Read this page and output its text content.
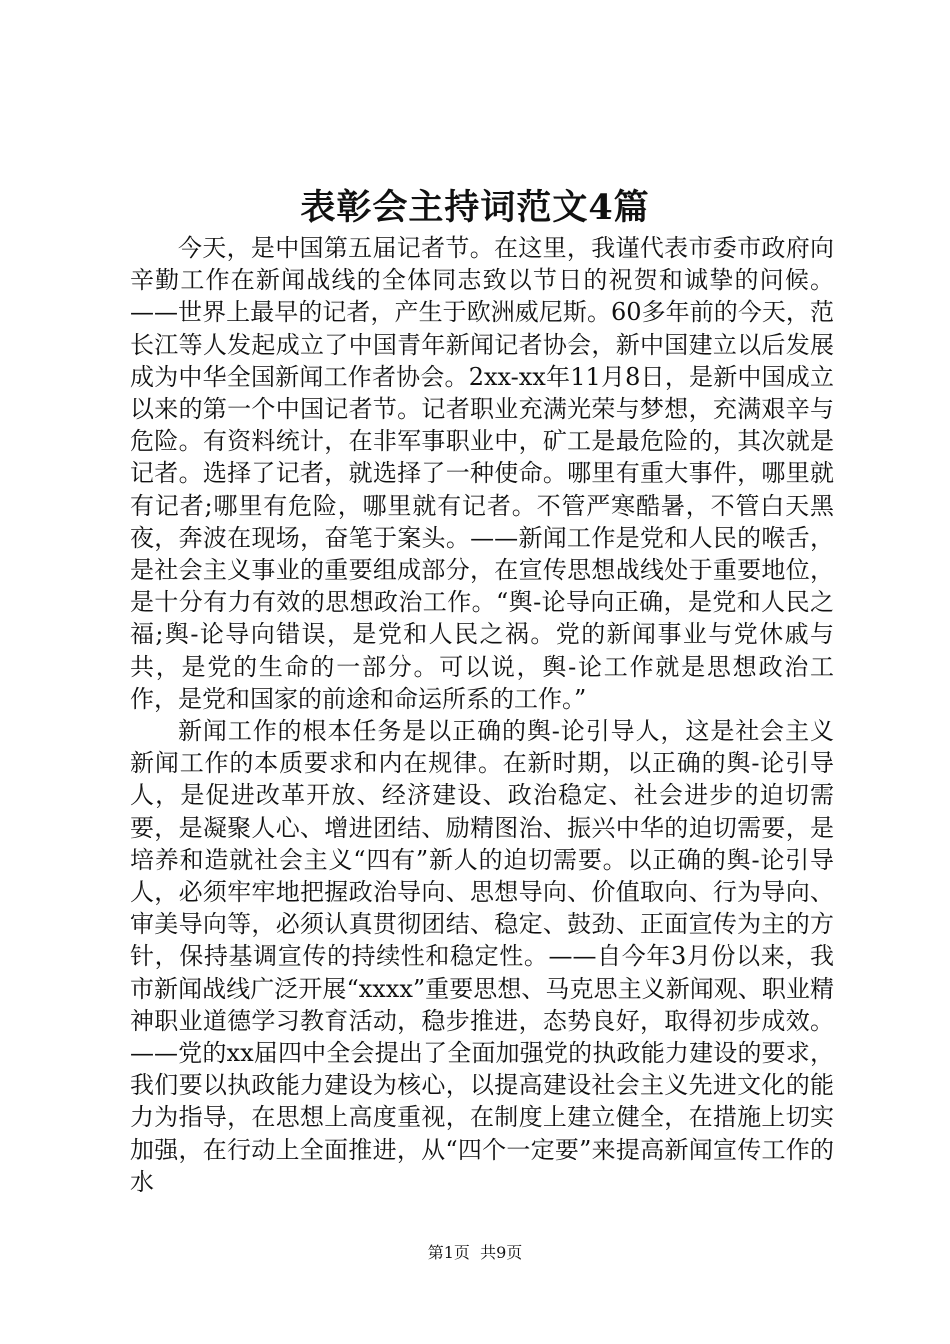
表彰会主持词范文4篇

今天，是中国第五届记者节。在这里，我谨代表市委市政府向辛勤工作在新闻战线的全体同志致以节日的祝贺和诚挚的问候。——世界上最早的记者，产生于欧洲威尼斯。60多年前的今天，范长江等人发起成立了中国青年新闻记者协会，新中国建立以后发展成为中华全国新闻工作者协会。2xx-xx年11月8日，是新中国成立以来的第一个中国记者节。记者职业充满光荣与梦想，充满艰辛与危险。有资料统计，在非军事职业中，矿工是最危险的，其次就是记者。选择了记者，就选择了一种使命。哪里有重大事件，哪里就有记者;哪里有危险，哪里就有记者。不管严寒酷暑，不管白天黑夜，奔波在现场，奋笔于案头。——新闻工作是党和人民的喉舌，是社会主义事业的重要组成部分，在宣传思想战线处于重要地位，是十分有力有效的思想政治工作。“舆-论导向正确，是党和人民之福;舆-论导向错误，是党和人民之祸。党的新闻事业与党休戚与共，是党的生命的一部分。可以说，舆-论工作就是思想政治工作，是党和国家的前途和命运所系的工作。”

新闻工作的根本任务是以正确的舆-论引导人，这是社会主义新闻工作的本质要求和内在规律。在新时期，以正确的舆-论引导人，是促进改革开放、经济建设、政治稳定、社会进步的迫切需要，是凝聚人心、增进团结、励精图治、振兴中华的迫切需要，是培养和造就社会主义“四有”新人的迫切需要。以正确的舆-论引导人，必须牢牢地把握政治导向、思想导向、价值取向、行为导向、审美导向等，必须认真贯彻团结、稳定、鼓劲、正面宣传为主的方针，保持基调宣传的持续性和稳定性。——自今年3月份以来，我市新闻战线广泛开展“xxxx”重要思想、马克思主义新闻观、职业精神职业道德学习教育活动，稳步推进，态势良好，取得初步成效。——党的xx届四中全会提出了全面加强党的执政能力建设的要求，我们要以执政能力建设为核心，以提高建设社会主义先进文化的能力为指导，在思想上高度重视，在制度上建立健全，在措施上切实加强，在行动上全面推进，从“四个一定要”来提高新闻宣传工作的水

第1页  共9页
